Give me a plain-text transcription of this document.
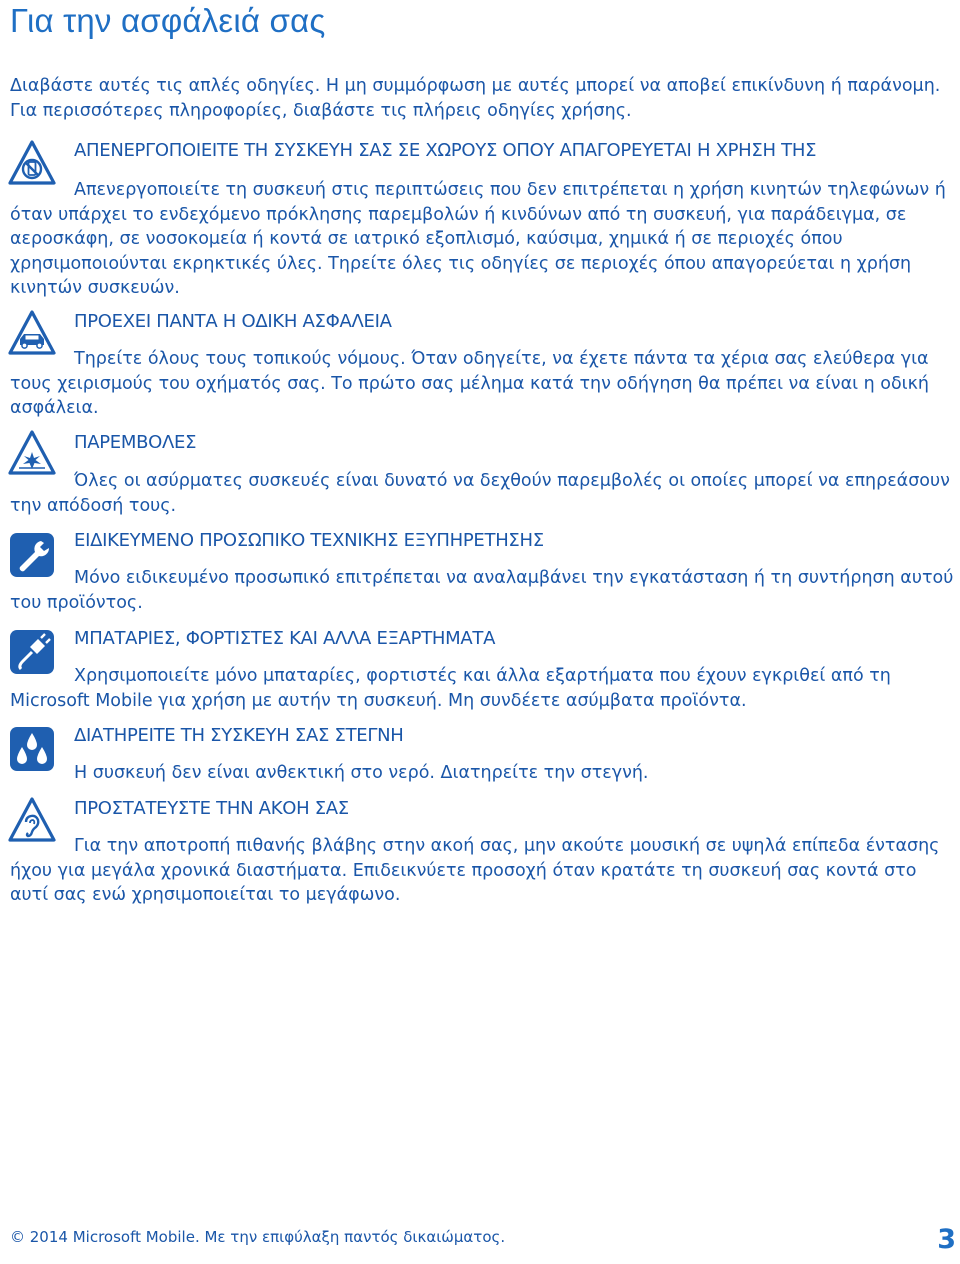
Για την ασφάλειά σας
Διαβάστε αυτές τις απλές οδηγίες. Η μη συμμόρφωση με αυτές μπορεί να αποβεί επικίνδυνη ή παράνομη. Για περισσότερες πληροφορίες, διαβάστε τις πλήρεις οδηγίες χρήσης.
ΑΠΕΝΕΡΓΟΠΟΙΕΙΤΕ ΤΗ ΣΥΣΚΕΥΗ ΣΑΣ ΣΕ ΧΩΡΟΥΣ ΟΠΟΥ ΑΠΑΓΟΡΕΥΕΤΑΙ Η ΧΡΗΣΗ ΤΗΣ
Απενεργοποιείτε τη συσκευή στις περιπτώσεις που δεν επιτρέπεται η χρήση κινητών τηλεφώνων ή όταν υπάρχει το ενδεχόμενο πρόκλησης παρεμβολών ή κινδύνων από τη συσκευή, για παράδειγμα, σε αεροσκάφη, σε νοσοκομεία ή κοντά σε ιατρικό εξοπλισμό, καύσιμα, χημικά ή σε περιοχές όπου χρησιμοποιούνται εκρηκτικές ύλες. Τηρείτε όλες τις οδηγίες σε περιοχές όπου απαγορεύεται η χρήση κινητών συσκευών.
ΠΡΟΕΧΕΙ ΠΑΝΤΑ Η ΟΔΙΚΗ ΑΣΦΑΛΕΙΑ
Τηρείτε όλους τους τοπικούς νόμους. Όταν οδηγείτε, να έχετε πάντα τα χέρια σας ελεύθερα για τους χειρισμούς του οχήματός σας. Το πρώτο σας μέλημα κατά την οδήγηση θα πρέπει να είναι η οδική ασφάλεια.
ΠΑΡΕΜΒΟΛΕΣ
Όλες οι ασύρματες συσκευές είναι δυνατό να δεχθούν παρεμβολές οι οποίες μπορεί να επηρεάσουν την απόδοσή τους.
ΕΙΔΙΚΕΥΜΕΝΟ ΠΡΟΣΩΠΙΚΟ ΤΕΧΝΙΚΗΣ ΕΞΥΠΗΡΕΤΗΣΗΣ
Μόνο ειδικευμένο προσωπικό επιτρέπεται να αναλαμβάνει την εγκατάσταση ή τη συντήρηση αυτού του προϊόντος.
ΜΠΑΤΑΡΙΕΣ, ΦΟΡΤΙΣΤΕΣ ΚΑΙ ΑΛΛΑ ΕΞΑΡΤΗΜΑΤΑ
Χρησιμοποιείτε μόνο μπαταρίες, φορτιστές και άλλα εξαρτήματα που έχουν εγκριθεί από τη Microsoft Mobile για χρήση με αυτήν τη συσκευή. Μη συνδέετε ασύμβατα προϊόντα.
ΔΙΑΤΗΡΕΙΤΕ ΤΗ ΣΥΣΚΕΥΗ ΣΑΣ ΣΤΕΓΝΗ
Η συσκευή δεν είναι ανθεκτική στο νερό. Διατηρείτε την στεγνή.
ΠΡΟΣΤΑΤΕΥΣΤΕ ΤΗΝ ΑΚΟΗ ΣΑΣ
Για την αποτροπή πιθανής βλάβης στην ακοή σας, μην ακούτε μουσική σε υψηλά επίπεδα έντασης ήχου για μεγάλα χρονικά διαστήματα. Επιδεικνύετε προσοχή όταν κρατάτε τη συσκευή σας κοντά στο αυτί σας ενώ χρησιμοποιείται το μεγάφωνο.
© 2014 Microsoft Mobile. Με την επιφύλαξη παντός δικαιώματος.	3
